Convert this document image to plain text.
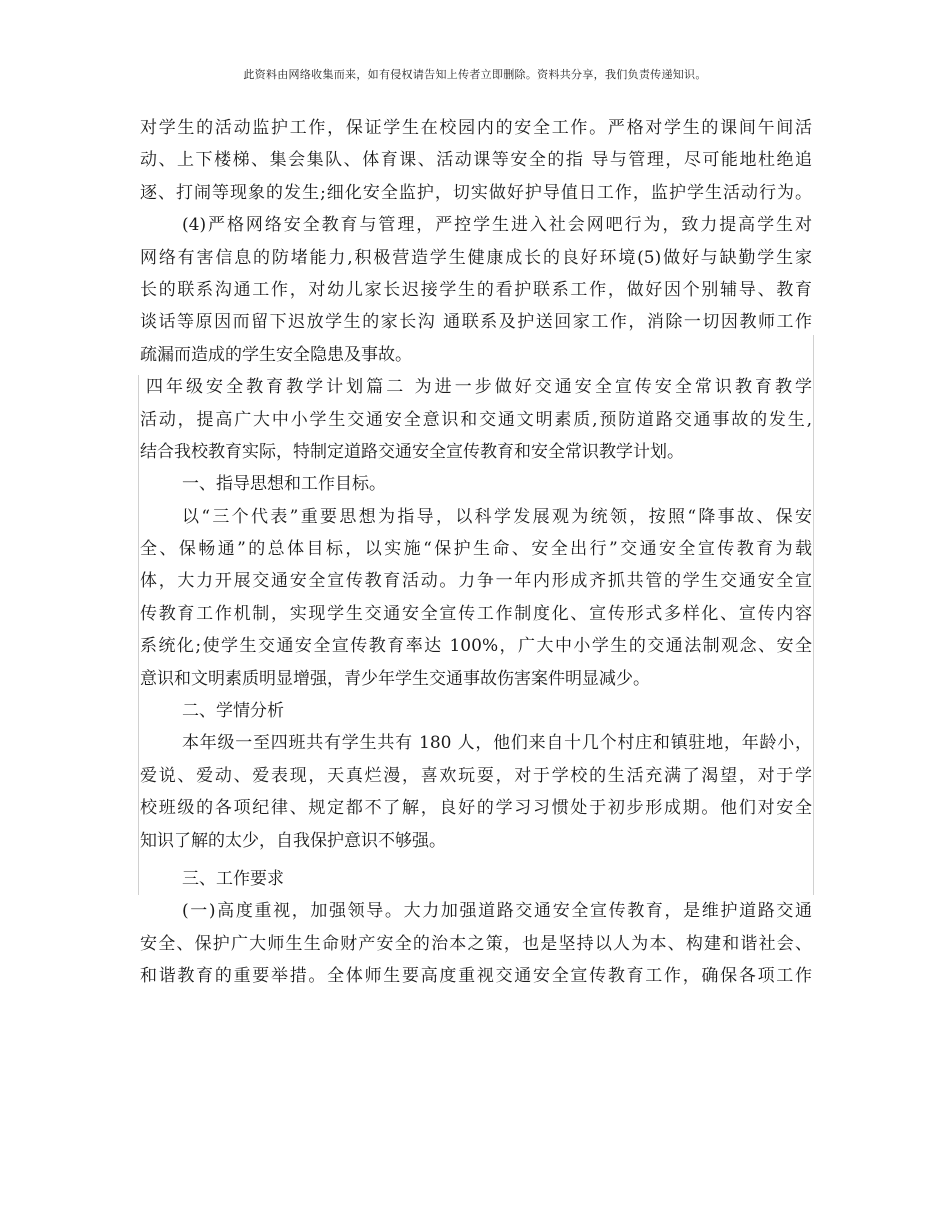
此资料由网络收集而来，如有侵权请告知上传者立即删除。资料共分享，我们负责传递知识。
对学生的活动监护工作，保证学生在校园内的安全工作。严格对学生的课间午间活
动、上下楼梯、集会集队、体育课、活动课等安全的指 导与管理，尽可能地杜绝追
逐、打闹等现象的发生;细化安全监护，切实做好护导值日工作，监护学生活动行为。
(4)严格网络安全教育与管理，严控学生进入社会网吧行为，致力提高学生对
网络有害信息的防堵能力,积极营造学生健康成长的良好环境(5)做好与缺勤学生家
长的联系沟通工作，对幼儿家长迟接学生的看护联系工作，做好因个别辅导、教育
谈话等原因而留下迟放学生的家长沟 通联系及护送回家工作，消除一切因教师工作
疏漏而造成的学生安全隐患及事故。
四年级安全教育教学计划篇二 为进一步做好交通安全宣传安全常识教育教学
活动，提高广大中小学生交通安全意识和交通文明素质,预防道路交通事故的发生,
结合我校教育实际，特制定道路交通安全宣传教育和安全常识教学计划。
一、指导思想和工作目标。
以“三个代表”重要思想为指导，以科学发展观为统领，按照“降事故、保安
全、保畅通”的总体目标，以实施“保护生命、安全出行”交通安全宣传教育为载
体，大力开展交通安全宣传教育活动。力争一年内形成齐抓共管的学生交通安全宣
传教育工作机制，实现学生交通安全宣传工作制度化、宣传形式多样化、宣传内容
系统化;使学生交通安全宣传教育率达 100%，广大中小学生的交通法制观念、安全
意识和文明素质明显增强，青少年学生交通事故伤害案件明显减少。
二、学情分析
本年级一至四班共有学生共有 180 人，他们来自十几个村庄和镇驻地，年龄小，
爱说、爱动、爱表现，天真烂漫，喜欢玩耍，对于学校的生活充满了渴望，对于学
校班级的各项纪律、规定都不了解，良好的学习习惯处于初步形成期。他们对安全
知识了解的太少，自我保护意识不够强。
三、工作要求
(一)高度重视，加强领导。大力加强道路交通安全宣传教育，是维护道路交通
安全、保护广大师生生命财产安全的治本之策，也是坚持以人为本、构建和谐社会、
和谐教育的重要举措。全体师生要高度重视交通安全宣传教育工作，确保各项工作
